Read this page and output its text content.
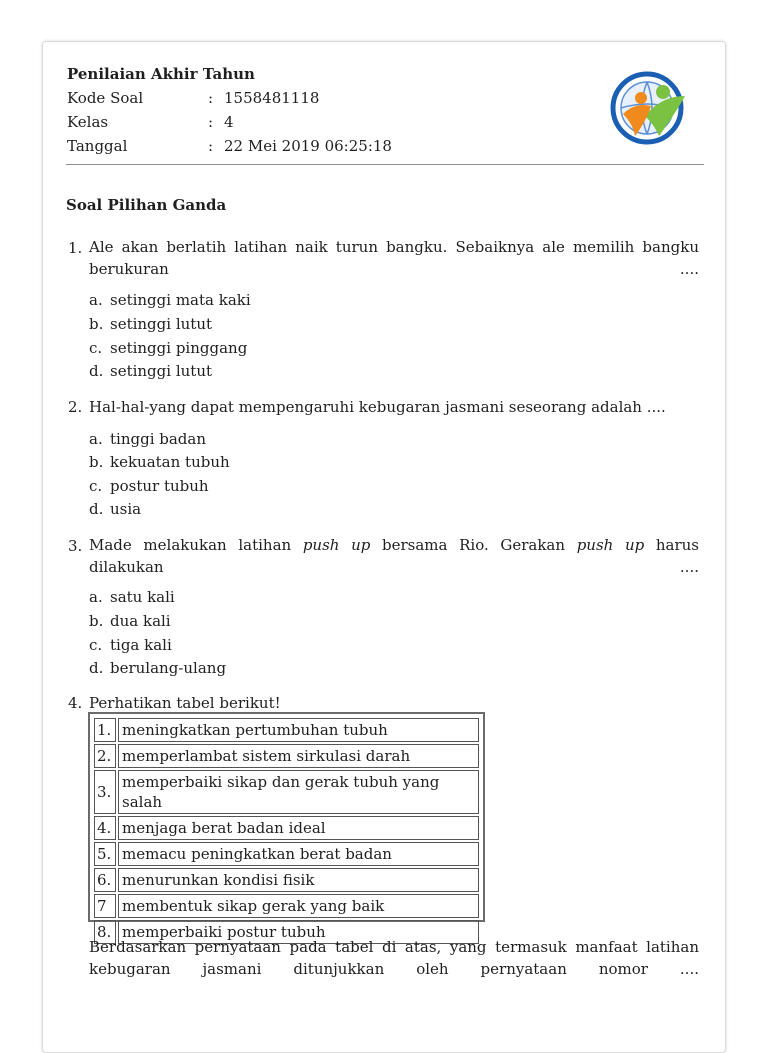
Penilaian Akhir Tahun
Kode Soal	: 1558481118
Kelas	: 4
Tanggal	: 22 Mei 2019 06:25:18
Soal Pilihan Ganda
1. Ale akan berlatih latihan naik turun bangku. Sebaiknya ale memilih bangku berukuran ....
a. setinggi mata kaki
b. setinggi lutut
c. setinggi pinggang
d. setinggi lutut
2. Hal-hal-yang dapat mempengaruhi kebugaran jasmani seseorang adalah ....
a. tinggi badan
b. kekuatan tubuh
c. postur tubuh
d. usia
3. Made melakukan latihan push up bersama Rio. Gerakan push up harus dilakukan ....
a. satu kali
b. dua kali
c. tiga kali
d. berulang-ulang
4. Perhatikan tabel berikut!
1.	meningkatkan pertumbuhan tubuh
2.	memperlambat sistem sirkulasi darah
3.	memperbaiki sikap dan gerak tubuh yang salah
4.	menjaga berat badan ideal
5.	memacu peningkatkan berat badan
6.	menurunkan kondisi fisik
7	membentuk sikap gerak yang baik
8.	memperbaiki postur tubuh
Berdasarkan pernyataan pada tabel di atas, yang termasuk manfaat latihan kebugaran jasmani ditunjukkan oleh pernyataan nomor ....
